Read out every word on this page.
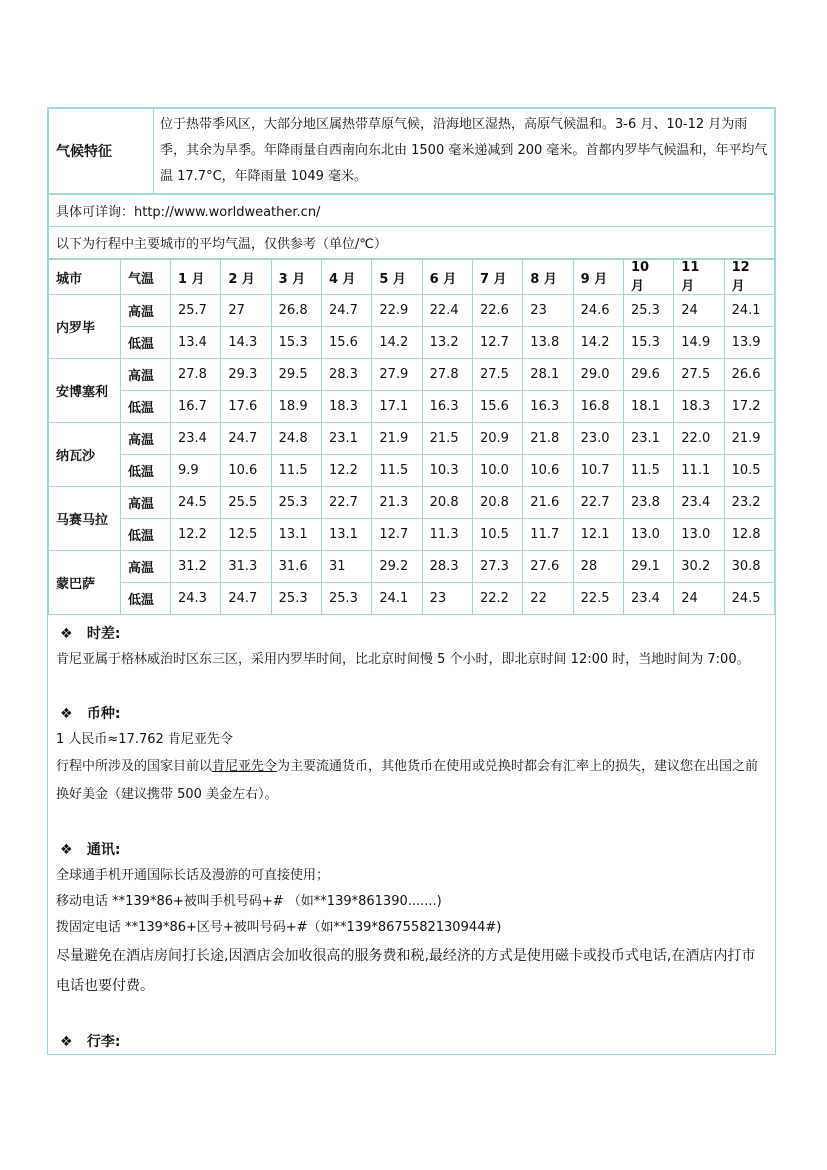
气候特征	位于热带季风区，大部分地区属热带草原气候，沿海地区湿热，高原气候温和。3-6 月、10-12 月为雨季，其余为旱季。年降雨量自西南向东北由 1500 毫米递减到 200 毫米。首都内罗毕气候温和，年平均气温 17.7°C，年降雨量 1049 毫米。
具体可详询：http://www.worldweather.cn/
以下为行程中主要城市的平均气温，仅供参考（单位/℃）
城市	气温	1 月	2 月	3 月	4 月	5 月	6 月	7 月	8 月	9 月	10 月	11 月	12 月
内罗毕	高温	25.7	27	26.8	24.7	22.9	22.4	22.6	23	24.6	25.3	24	24.1
	低温	13.4	14.3	15.3	15.6	14.2	13.2	12.7	13.8	14.2	15.3	14.9	13.9
安博塞利	高温	27.8	29.3	29.5	28.3	27.9	27.8	27.5	28.1	29.0	29.6	27.5	26.6
	低温	16.7	17.6	18.9	18.3	17.1	16.3	15.6	16.3	16.8	18.1	18.3	17.2
纳瓦沙	高温	23.4	24.7	24.8	23.1	21.9	21.5	20.9	21.8	23.0	23.1	22.0	21.9
	低温	9.9	10.6	11.5	12.2	11.5	10.3	10.0	10.6	10.7	11.5	11.1	10.5
马赛马拉	高温	24.5	25.5	25.3	22.7	21.3	20.8	20.8	21.6	22.7	23.8	23.4	23.2
	低温	12.2	12.5	13.1	13.1	12.7	11.3	10.5	11.7	12.1	13.0	13.0	12.8
蒙巴萨	高温	31.2	31.3	31.6	31	29.2	28.3	27.3	27.6	28	29.1	30.2	30.8
	低温	24.3	24.7	25.3	25.3	24.1	23	22.2	22	22.5	23.4	24	24.5
❖ 时差:
肯尼亚属于格林威治时区东三区，采用内罗毕时间，比北京时间慢 5 个小时，即北京时间 12:00 时，当地时间为 7:00。
❖ 币种:
1 人民币≈17.762 肯尼亚先令
行程中所涉及的国家目前以肯尼亚先令为主要流通货币，其他货币在使用或兑换时都会有汇率上的损失，建议您在出国之前换好美金（建议携带 500 美金左右）。
❖ 通讯:
全球通手机开通国际长话及漫游的可直接使用；
移动电话 **139*86+被叫手机号码+# （如**139*861390.......)
拨固定电话 **139*86+区号+被叫号码+#（如**139*8675582130944#)
尽量避免在酒店房间打长途,因酒店会加收很高的服务费和税,最经济的方式是使用磁卡或投币式电话,在酒店内打市电话也要付费。
❖ 行李:
